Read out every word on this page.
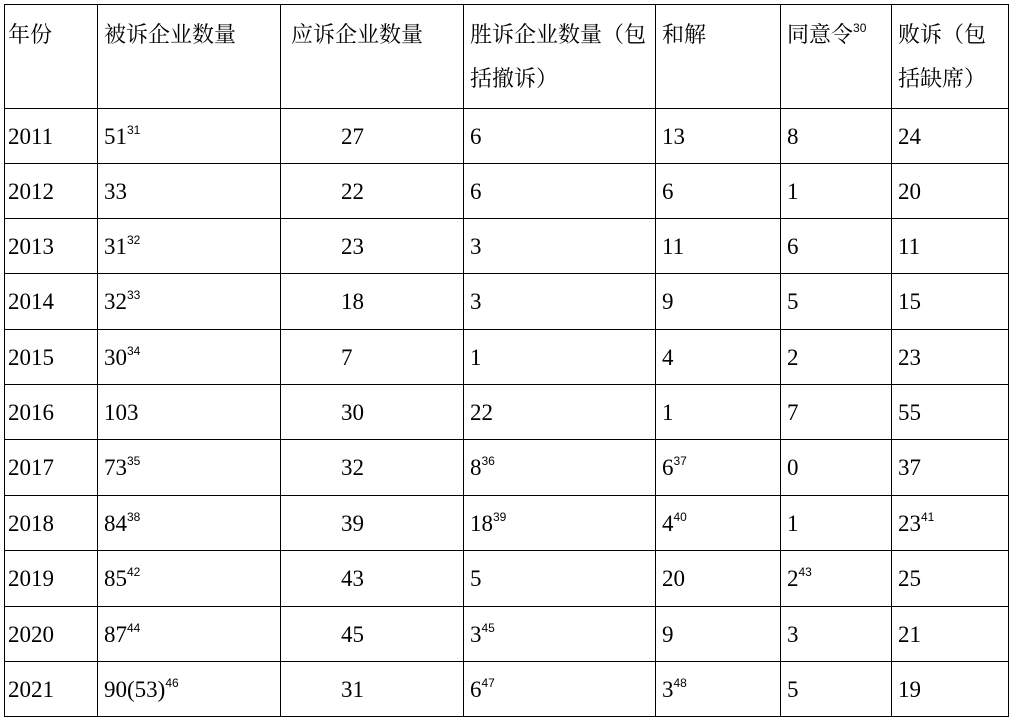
年份	被诉企业数量	应诉企业数量	胜诉企业数量（包括撤诉）	和解	同意令$^{30}$	败诉（包括缺席）

2011	51$^{31}$	27	6	13	8	24

2012	33	22	6	6	1	20

2013	31$^{32}$	23	3	11	6	11

2014	32$^{33}$	18	3	9	5	15

2015	30$^{34}$	7	1	4	2	23

2016	103	30	22	1	7	55

2017	73$^{35}$	32	8$^{36}$	6$^{37}$	0	37

2018	84$^{38}$	39	18$^{39}$	4$^{40}$	1	23$^{41}$

2019	85$^{42}$	43	5	20	2$^{43}$	25

2020	87$^{44}$	45	3$^{45}$	9	3	21

2021	90(53)$^{46}$	31	6$^{47}$	3$^{48}$	5	19
